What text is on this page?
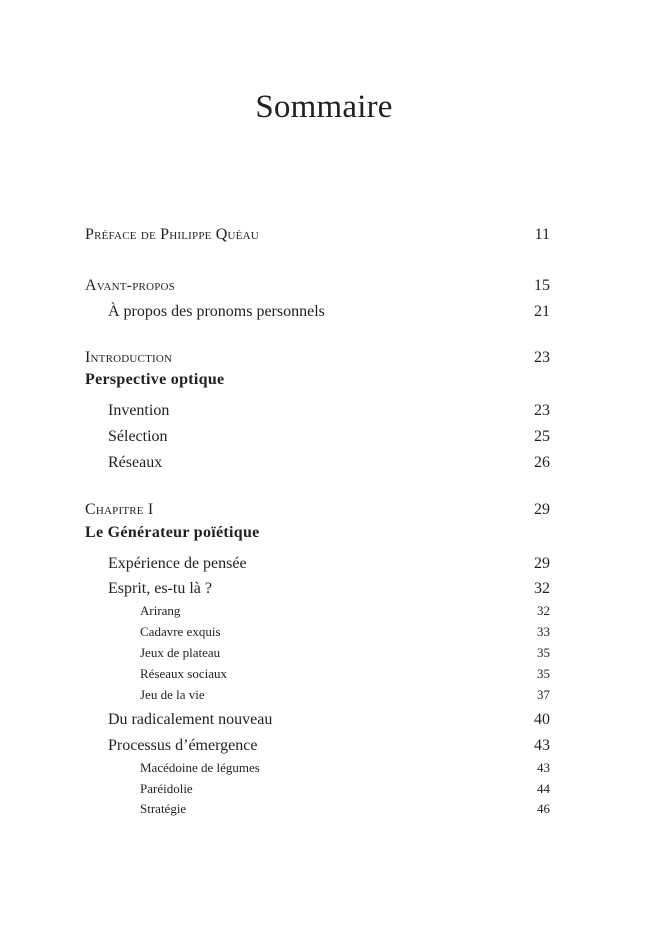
Sommaire
Préface de Philippe Quéau	11
Avant-propos	15
À propos des pronoms personnels	21
Introduction	23
Perspective optique
Invention	23
Sélection	25
Réseaux	26
Chapitre I	29
Le Générateur poïétique
Expérience de pensée	29
Esprit, es-tu là ?	32
Arirang	32
Cadavre exquis	33
Jeux de plateau	35
Réseaux sociaux	35
Jeu de la vie	37
Du radicalement nouveau	40
Processus d’émergence	43
Macédoine de légumes	43
Paréidolie	44
Stratégie	46
